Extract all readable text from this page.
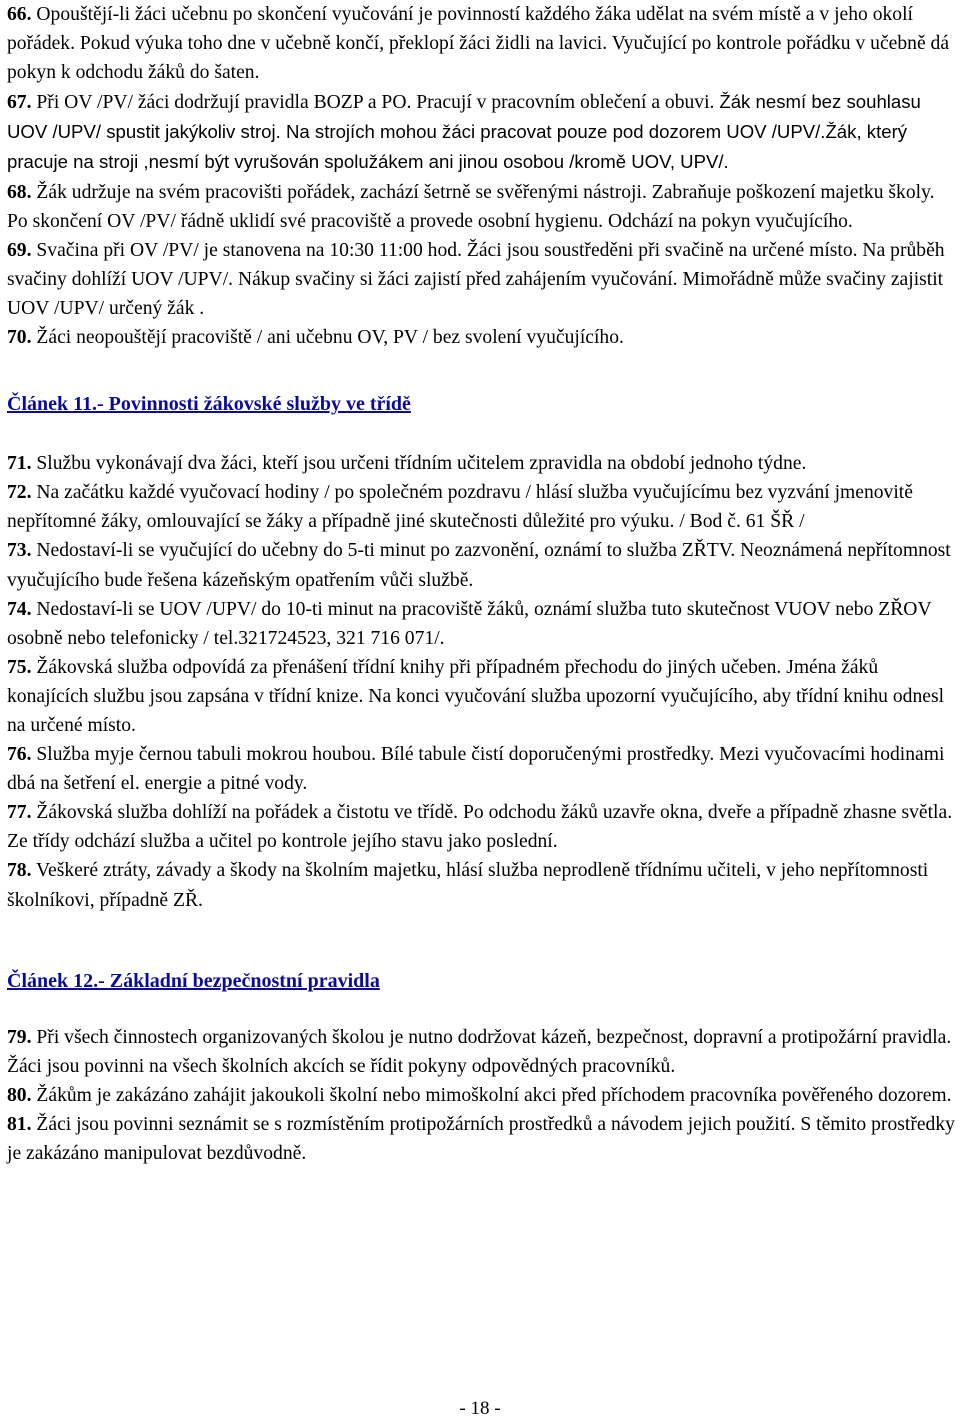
66. Opouštějí-li žáci učebnu po skončení vyučování je povinností každého žáka udělat na svém místě a v jeho okolí pořádek. Pokud výuka toho dne v učebně končí, překlopí žáci židli na lavici. Vyučující po kontrole pořádku v učebně dá pokyn k odchodu žáků do šaten.

67. Při OV /PV/ žáci dodržují pravidla BOZP a PO. Pracují v pracovním oblečení a obuvi. Žák nesmí bez souhlasu UOV /UPV/ spustit jakýkoliv stroj. Na strojích mohou žáci pracovat pouze pod dozorem UOV /UPV/.Žák, který pracuje na stroji ,nesmí být vyrušován spolužákem ani jinou osobou /kromě UOV, UPV/.

68. Žák udržuje na svém pracovišti pořádek, zachází šetrně se svěřenými nástroji. Zabraňuje poškození majetku školy. Po skončení OV /PV/ řádně uklidí své pracoviště a provede osobní hygienu. Odchází na pokyn vyučujícího.

69. Svačina při OV /PV/ je stanovena na 10:30 11:00 hod. Žáci jsou soustředěni při svačině na určené místo. Na průběh svačiny dohlíží UOV /UPV/. Nákup svačiny si žáci zajistí před zahájením vyučování. Mimořádně může svačiny zajistit UOV /UPV/ určený žák .

70. Žáci neopouštějí pracoviště / ani učebnu OV, PV / bez svolení vyučujícího.

Článek 11.- Povinnosti žákovské služby ve třídě

71. Službu vykonávají dva žáci, kteří jsou určeni třídním učitelem zpravidla na období jednoho týdne.

72. Na začátku každé vyučovací hodiny / po společném pozdravu / hlásí služba vyučujícímu bez vyzvání jmenovitě nepřítomné žáky, omlouvající se žáky a případně jiné skutečnosti důležité pro výuku. / Bod č. 61 ŠŘ /

73. Nedostaví-li se vyučující do učebny do 5-ti minut po zazvonění, oznámí to služba ZŘTV. Neoznámená nepřítomnost vyučujícího bude řešena kázeňským opatřením vůči službě.

74. Nedostaví-li se UOV /UPV/ do 10-ti minut na pracoviště žáků, oznámí služba tuto skutečnost VUOV nebo ZŘOV osobně nebo telefonicky / tel.321724523, 321 716 071/.

75. Žákovská služba odpovídá za přenášení třídní knihy při případném přechodu do jiných učeben. Jména žáků konajících službu jsou zapsána v třídní knize. Na konci vyučování služba upozorní vyučujícího, aby třídní knihu odnesl na určené místo.

76. Služba myje černou tabuli mokrou houbou. Bílé tabule čistí doporučenými prostředky. Mezi vyučovacími hodinami dbá na šetření el. energie a pitné vody.

77. Žákovská služba dohlíží na pořádek a čistotu ve třídě. Po odchodu žáků uzavře okna, dveře a případně zhasne světla. Ze třídy odchází služba a učitel po kontrole jejího stavu jako poslední.

78. Veškeré ztráty, závady a škody na školním majetku, hlásí služba neprodleně třídnímu učiteli, v jeho nepřítomnosti školníkovi, případně ZŘ.

Článek 12.- Základní bezpečnostní pravidla

79. Při všech činnostech organizovaných školou je nutno dodržovat kázeň, bezpečnost, dopravní a protipožární pravidla. Žáci jsou povinni na všech školních akcích se řídit pokyny odpovědných pracovníků.

80. Žákům je zakázáno zahájit jakoukoli školní nebo mimoškolní akci před příchodem pracovníka pověřeného dozorem.

81. Žáci jsou povinni seznámit se s rozmístěním protipožárních prostředků a návodem jejich použití. S těmito prostředky je zakázáno manipulovat bezdůvodně.

- 18 -
